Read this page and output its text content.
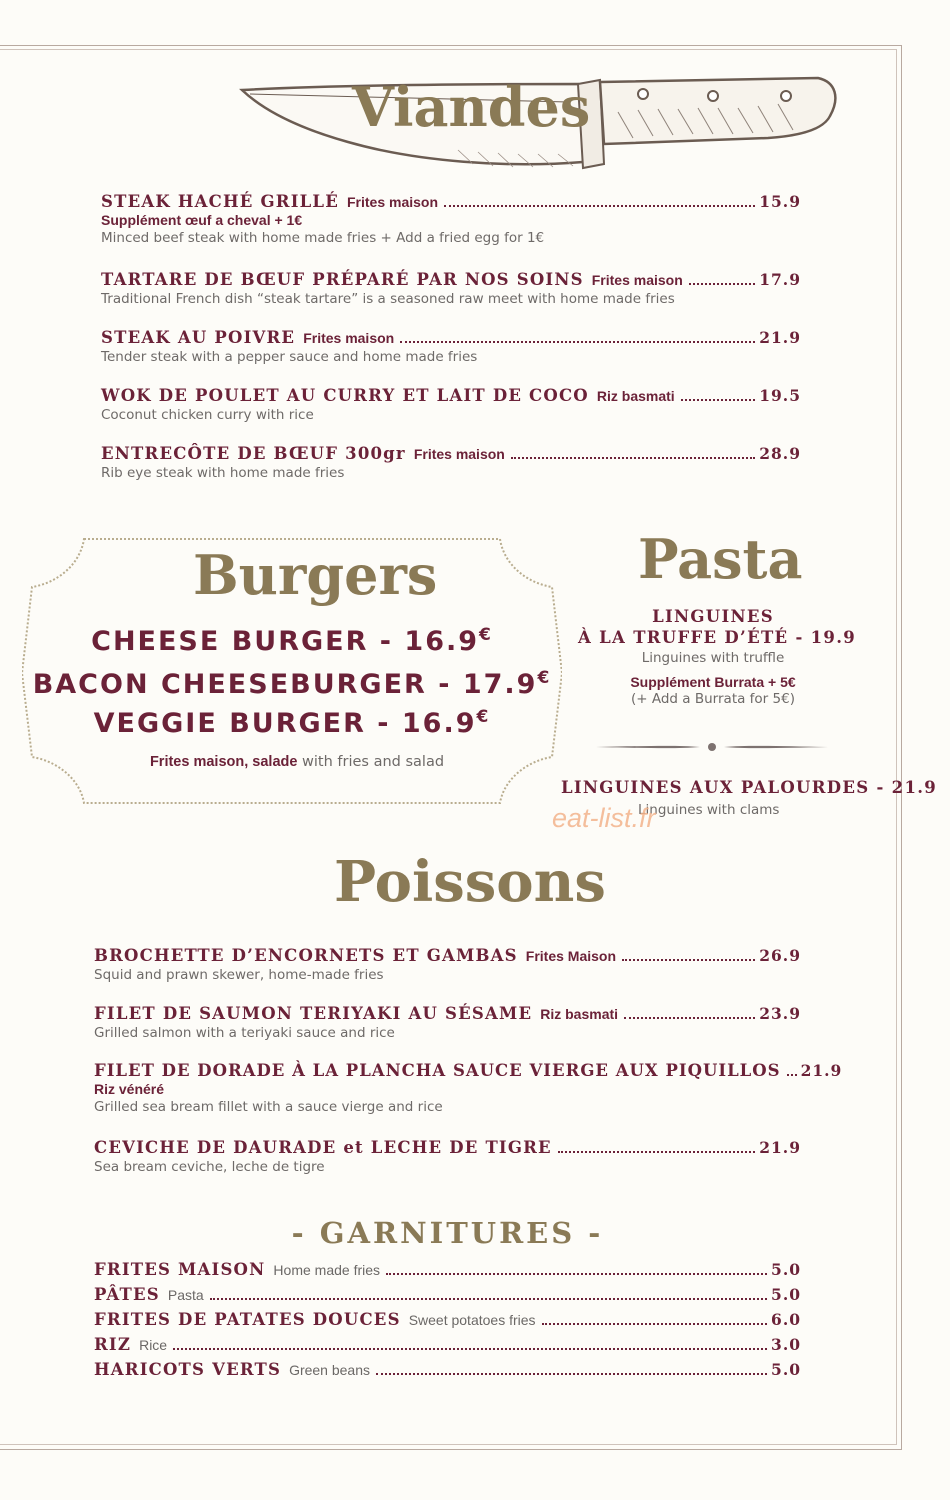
Viandes
STEAK HACHÉ GRILLÉ Frites maison	15.9
Supplément œuf a cheval + 1€
Minced beef steak with home made fries + Add a fried egg for 1€
TARTARE DE BŒUF PRÉPARÉ PAR NOS SOINS Frites maison	17.9
Traditional French dish “steak tartare” is a seasoned raw meet with home made fries
STEAK AU POIVRE Frites maison	21.9
Tender steak with a pepper sauce and home made fries
WOK DE POULET AU CURRY ET LAIT DE COCO Riz basmati	19.5
Coconut chicken curry with rice
ENTRECÔTE DE BŒUF 300gr Frites maison	28.9
Rib eye steak with home made fries
Burgers
CHEESE BURGER - 16.9€
BACON CHEESEBURGER - 17.9€
VEGGIE BURGER - 16.9€
Frites maison, salade with fries and salad
Pasta
LINGUINES
À LA TRUFFE D’ÉTÉ - 19.9
Linguines with truffle
Supplément Burrata + 5€
(+ Add a Burrata for 5€)
LINGUINES AUX PALOURDES - 21.9
Linguines with clams
eat-list.fr
Poissons
BROCHETTE D’ENCORNETS ET GAMBAS Frites Maison	26.9
Squid and prawn skewer, home-made fries
FILET DE SAUMON TERIYAKI AU SÉSAME Riz basmati	23.9
Grilled salmon with a teriyaki sauce and rice
FILET DE DORADE À LA PLANCHA SAUCE VIERGE AUX PIQUILLOS 21.9
Riz vénéré
Grilled sea bream fillet with a sauce vierge and rice
CEVICHE DE DAURADE et LECHE DE TIGRE	21.9
Sea bream ceviche, leche de tigre
- GARNITURES -
FRITES MAISON Home made fries	5.0
PÂTES Pasta	5.0
FRITES DE PATATES DOUCES Sweet potatoes fries	6.0
RIZ Rice	3.0
HARICOTS VERTS Green beans	5.0
